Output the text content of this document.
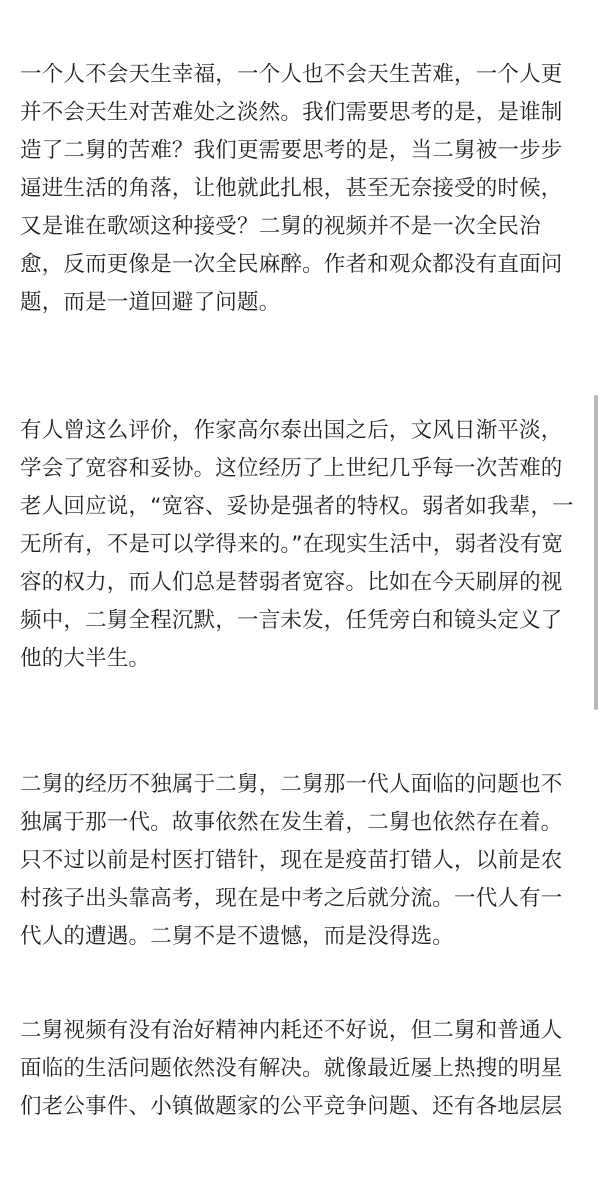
一个人不会天生幸福，一个人也不会天生苦难，一个人更
并不会天生对苦难处之淡然。我们需要思考的是，是谁制
造了二舅的苦难？我们更需要思考的是，当二舅被一步步
逼进生活的角落，让他就此扎根，甚至无奈接受的时候，
又是谁在歌颂这种接受？二舅的视频并不是一次全民治
愈，反而更像是一次全民麻醉。作者和观众都没有直面问
题，而是一道回避了问题。

有人曾这么评价，作家高尔泰出国之后，文风日渐平淡，
学会了宽容和妥协。这位经历了上世纪几乎每一次苦难的
老人回应说，“宽容、妥协是强者的特权。弱者如我辈，一
无所有，不是可以学得来的。”在现实生活中，弱者没有宽
容的权力，而人们总是替弱者宽容。比如在今天刷屏的视
频中，二舅全程沉默，一言未发，任凭旁白和镜头定义了
他的大半生。

二舅的经历不独属于二舅，二舅那一代人面临的问题也不
独属于那一代。故事依然在发生着，二舅也依然存在着。
只不过以前是村医打错针，现在是疫苗打错人，以前是农
村孩子出头靠高考，现在是中考之后就分流。一代人有一
代人的遭遇。二舅不是不遗憾，而是没得选。

二舅视频有没有治好精神内耗还不好说，但二舅和普通人
面临的生活问题依然没有解决。就像最近屡上热搜的明星
们老公事件、小镇做题家的公平竞争问题、还有各地层层
